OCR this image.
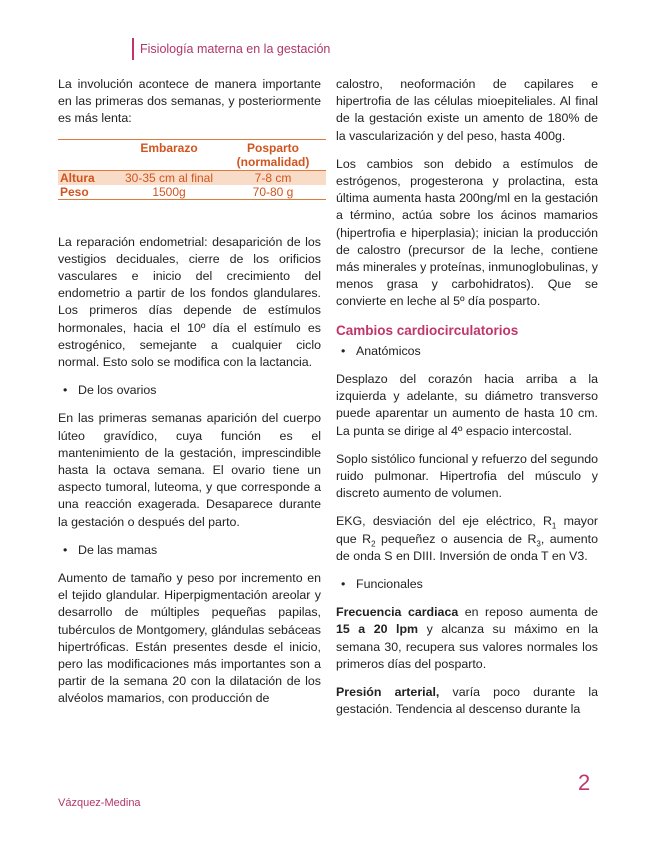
Fisiología materna en la gestación

La involución acontece de manera importante en las primeras dos semanas, y posteriormente es más lenta:

	Embarazo	Posparto (normalidad)
Altura	30-35 cm al final	7-8 cm
Peso	1500g	70-80 g

La reparación endometrial: desaparición de los vestigios deciduales, cierre de los orificios vasculares e inicio del crecimiento del endometrio a partir de los fondos glandulares. Los primeros días depende de estímulos hormonales, hacia el 10º día el estímulo es estrogénico, semejante a cualquier ciclo normal. Esto solo se modifica con la lactancia.

• De los ovarios

En las primeras semanas aparición del cuerpo lúteo gravídico, cuya función es el mantenimiento de la gestación, imprescindible hasta la octava semana. El ovario tiene un aspecto tumoral, luteoma, y que corresponde a una reacción exagerada. Desaparece durante la gestación o después del parto.

• De las mamas

Aumento de tamaño y peso por incremento en el tejido glandular. Hiperpigmentación areolar y desarrollo de múltiples pequeñas papilas, tubérculos de Montgomery, glándulas sebáceas hipertróficas. Están presentes desde el inicio, pero las modificaciones más importantes son a partir de la semana 20 con la dilatación de los alvéolos mamarios, con producción de

calostro, neoformación de capilares e hipertrofia de las células mioepiteliales. Al final de la gestación existe un amento de 180% de la vascularización y del peso, hasta 400g.

Los cambios son debido a estímulos de estrógenos, progesterona y prolactina, esta última aumenta hasta 200ng/ml en la gestación a término, actúa sobre los ácinos mamarios (hipertrofia e hiperplasia); inician la producción de calostro (precursor de la leche, contiene más minerales y proteínas, inmunoglobulinas, y menos grasa y carbohidratos). Que se convierte en leche al 5º día posparto.

Cambios cardiocirculatorios
• Anatómicos

Desplazo del corazón hacia arriba a la izquierda y adelante, su diámetro transverso puede aparentar un aumento de hasta 10 cm. La punta se dirige al 4º espacio intercostal.

Soplo sistólico funcional y refuerzo del segundo ruido pulmonar. Hipertrofia del músculo y discreto aumento de volumen.

EKG, desviación del eje eléctrico, $R_1$ mayor que $R_2$ pequeñez o ausencia de $R_3$, aumento de onda S en DIII. Inversión de onda T en V3.

• Funcionales

Frecuencia cardiaca en reposo aumenta de 15 a 20 lpm y alcanza su máximo en la semana 30, recupera sus valores normales los primeros días del posparto.

Presión arterial, varía poco durante la gestación. Tendencia al descenso durante la

2
Vázquez-Medina
